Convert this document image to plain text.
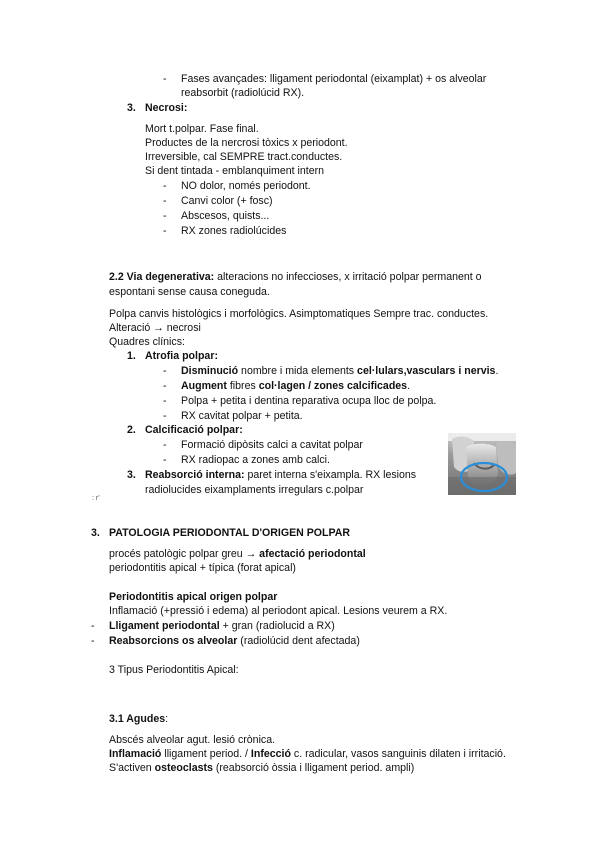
- Fases avançades: lligament periodontal (eixamplat) + os alveolar
reabsorbit (radiolúcid RX).
3. Necrosi:
Mort t.polpar. Fase final.
Productes de la nercrosi tòxics x periodont.
Irreversible, cal SEMPRE tract.conductes.
Si dent tintada - emblanquiment intern
- NO dolor, només periodont.
- Canvi color (+ fosc)
- Abscesos, quists...
- RX zones radiolúcides
2.2 Via degenerativa: alteracions no infeccioses, x irritació polpar permanent o
espontani sense causa coneguda.
Polpa canvis histològics i morfològics. Asimptomatiques Sempre trac. conductes.
Alteració → necrosi
Quadres clínics:
1. Atrofia polpar:
- Disminució nombre i mida elements cel·lulars,vasculars i nervis.
- Augment fibres col·lagen / zones calcificades.
- Polpa + petita i dentina reparativa ocupa lloc de polpa.
- RX cavitat polpar + petita.
2. Calcificació polpar:
- Formació dipòsits calci a cavitat polpar
- RX radiopac a zones amb calci.
3. Reabsorció interna: paret interna s'eixampla. RX lesions
radiolucides eixamplaments irregulars c.polpar
: r'
3. PATOLOGIA PERIODONTAL D'ORIGEN POLPAR
procés patològic polpar greu → afectació periodontal
periodontitis apical + típica (forat apical)
Periodontitis apical origen polpar
Inflamació (+pressió i edema) al periodont apical. Lesions veurem a RX.
- Lligament periodontal + gran (radiolucid a RX)
- Reabsorcions os alveolar (radiolúcid dent afectada)
3 Tipus Periodontitis Apical:
3.1 Agudes:
Abscés alveolar agut. lesió crònica.
Inflamació lligament period. / Infecció c. radicular, vasos sanguinis dilaten i irritació.
S'activen osteoclasts (reabsorció òssia i lligament period. ampli)
